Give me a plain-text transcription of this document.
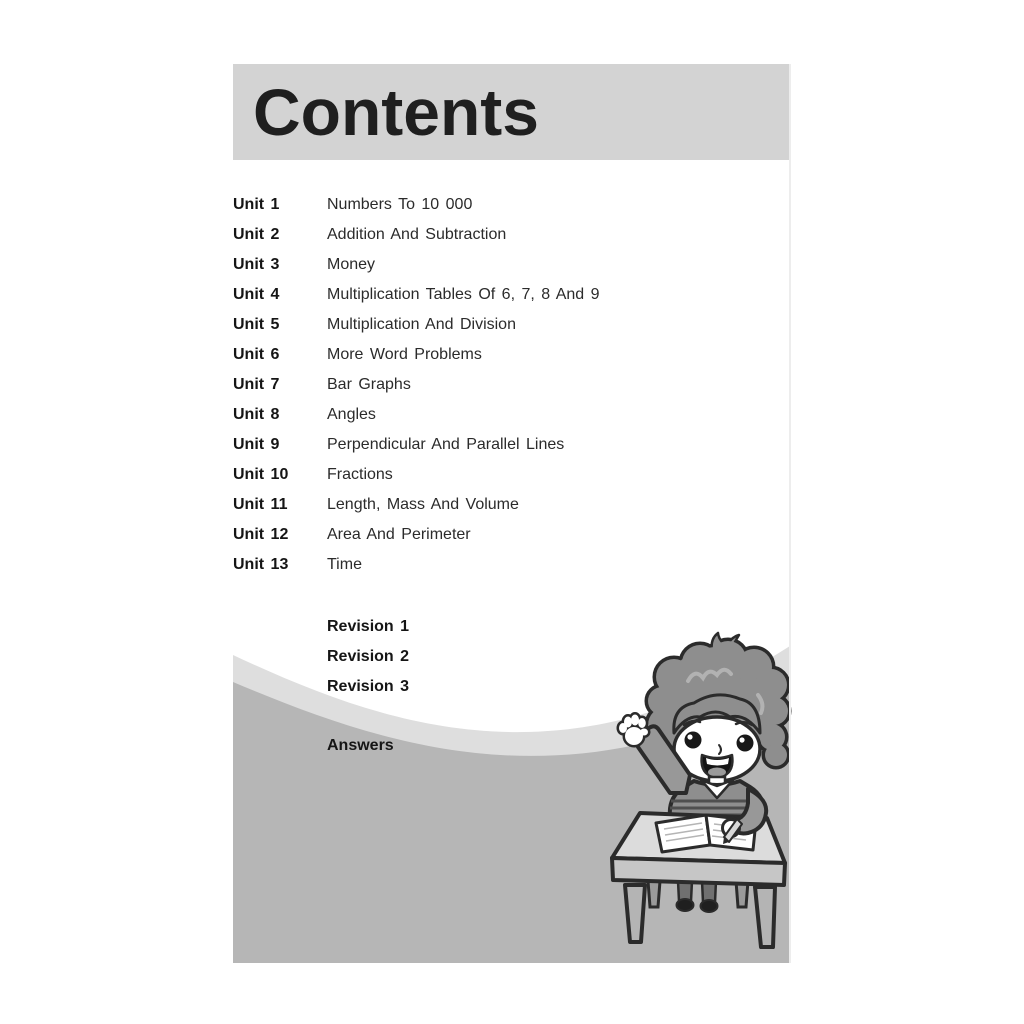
Contents
Unit 1	Numbers To 10 000
Unit 2	Addition And Subtraction
Unit 3	Money
Unit 4	Multiplication Tables Of 6, 7, 8 And 9
Unit 5	Multiplication And Division
Unit 6	More Word Problems
Unit 7	Bar Graphs
Unit 8	Angles
Unit 9	Perpendicular And Parallel Lines
Unit 10	Fractions
Unit 11	Length, Mass And Volume
Unit 12	Area And Perimeter
Unit 13	Time
Revision 1
Revision 2
Revision 3
Answers
